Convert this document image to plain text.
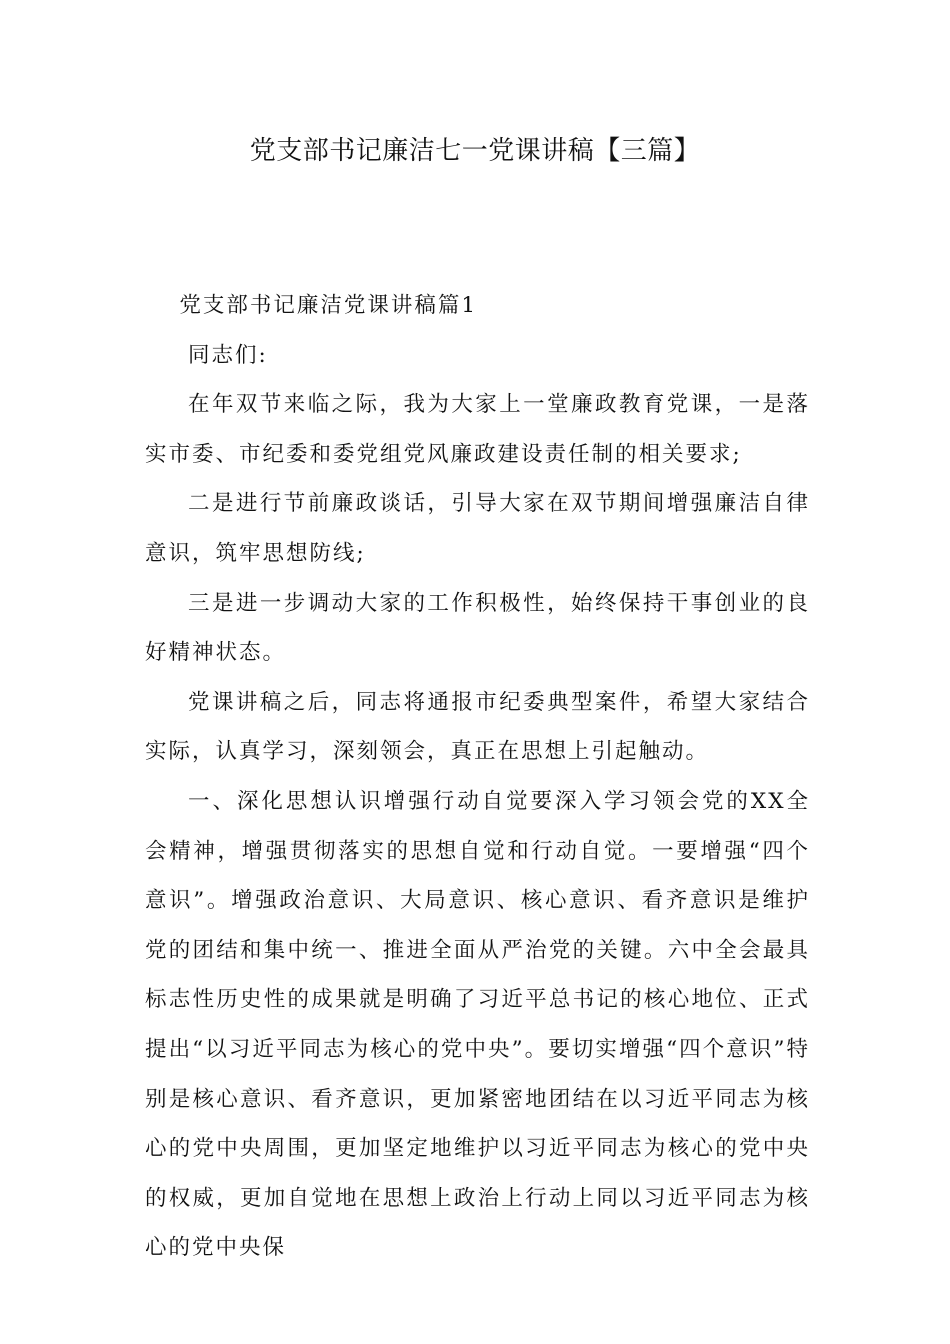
党支部书记廉洁七一党课讲稿【三篇】

党支部书记廉洁党课讲稿篇1

同志们:

在年双节来临之际，我为大家上一堂廉政教育党课，一是落实市委、市纪委和委党组党风廉政建设责任制的相关要求;

二是进行节前廉政谈话，引导大家在双节期间增强廉洁自律意识，筑牢思想防线;

三是进一步调动大家的工作积极性，始终保持干事创业的良好精神状态。

党课讲稿之后，同志将通报市纪委典型案件，希望大家结合实际，认真学习，深刻领会，真正在思想上引起触动。

一、深化思想认识增强行动自觉要深入学习领会党的XX全会精神，增强贯彻落实的思想自觉和行动自觉。一要增强“四个意识”。增强政治意识、大局意识、核心意识、看齐意识是维护党的团结和集中统一、推进全面从严治党的关键。六中全会最具标志性历史性的成果就是明确了习近平总书记的核心地位、正式提出“以习近平同志为核心的党中央”。要切实增强“四个意识”特别是核心意识、看齐意识，更加紧密地团结在以习近平同志为核心的党中央周围，更加坚定地维护以习近平同志为核心的党中央的权威，更加自觉地在思想上政治上行动上同以习近平同志为核心的党中央保
